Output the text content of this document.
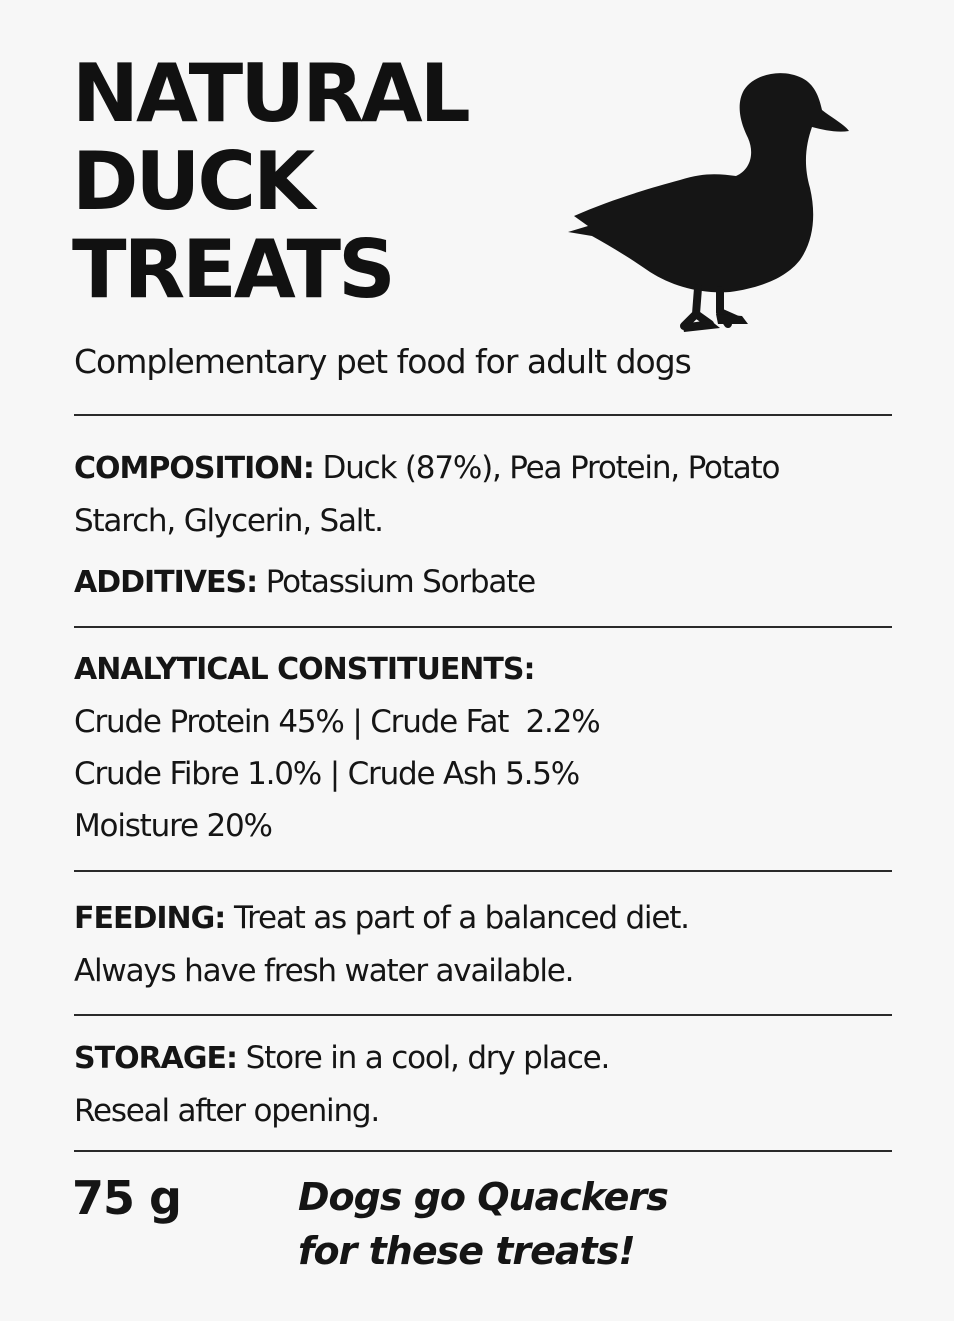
NATURAL
DUCK
TREATS
Complementary pet food for adult dogs
COMPOSITION: Duck (87%), Pea Protein, Potato
Starch, Glycerin, Salt.
ADDITIVES: Potassium Sorbate
ANALYTICAL CONSTITUENTS:
Crude Protein 45% | Crude Fat  2.2%
Crude Fibre 1.0% | Crude Ash 5.5%
Moisture 20%
FEEDING: Treat as part of a balanced diet.
Always have fresh water available.
STORAGE: Store in a cool, dry place.
Reseal after opening.
75 g	Dogs go Quackers
for these treats!
